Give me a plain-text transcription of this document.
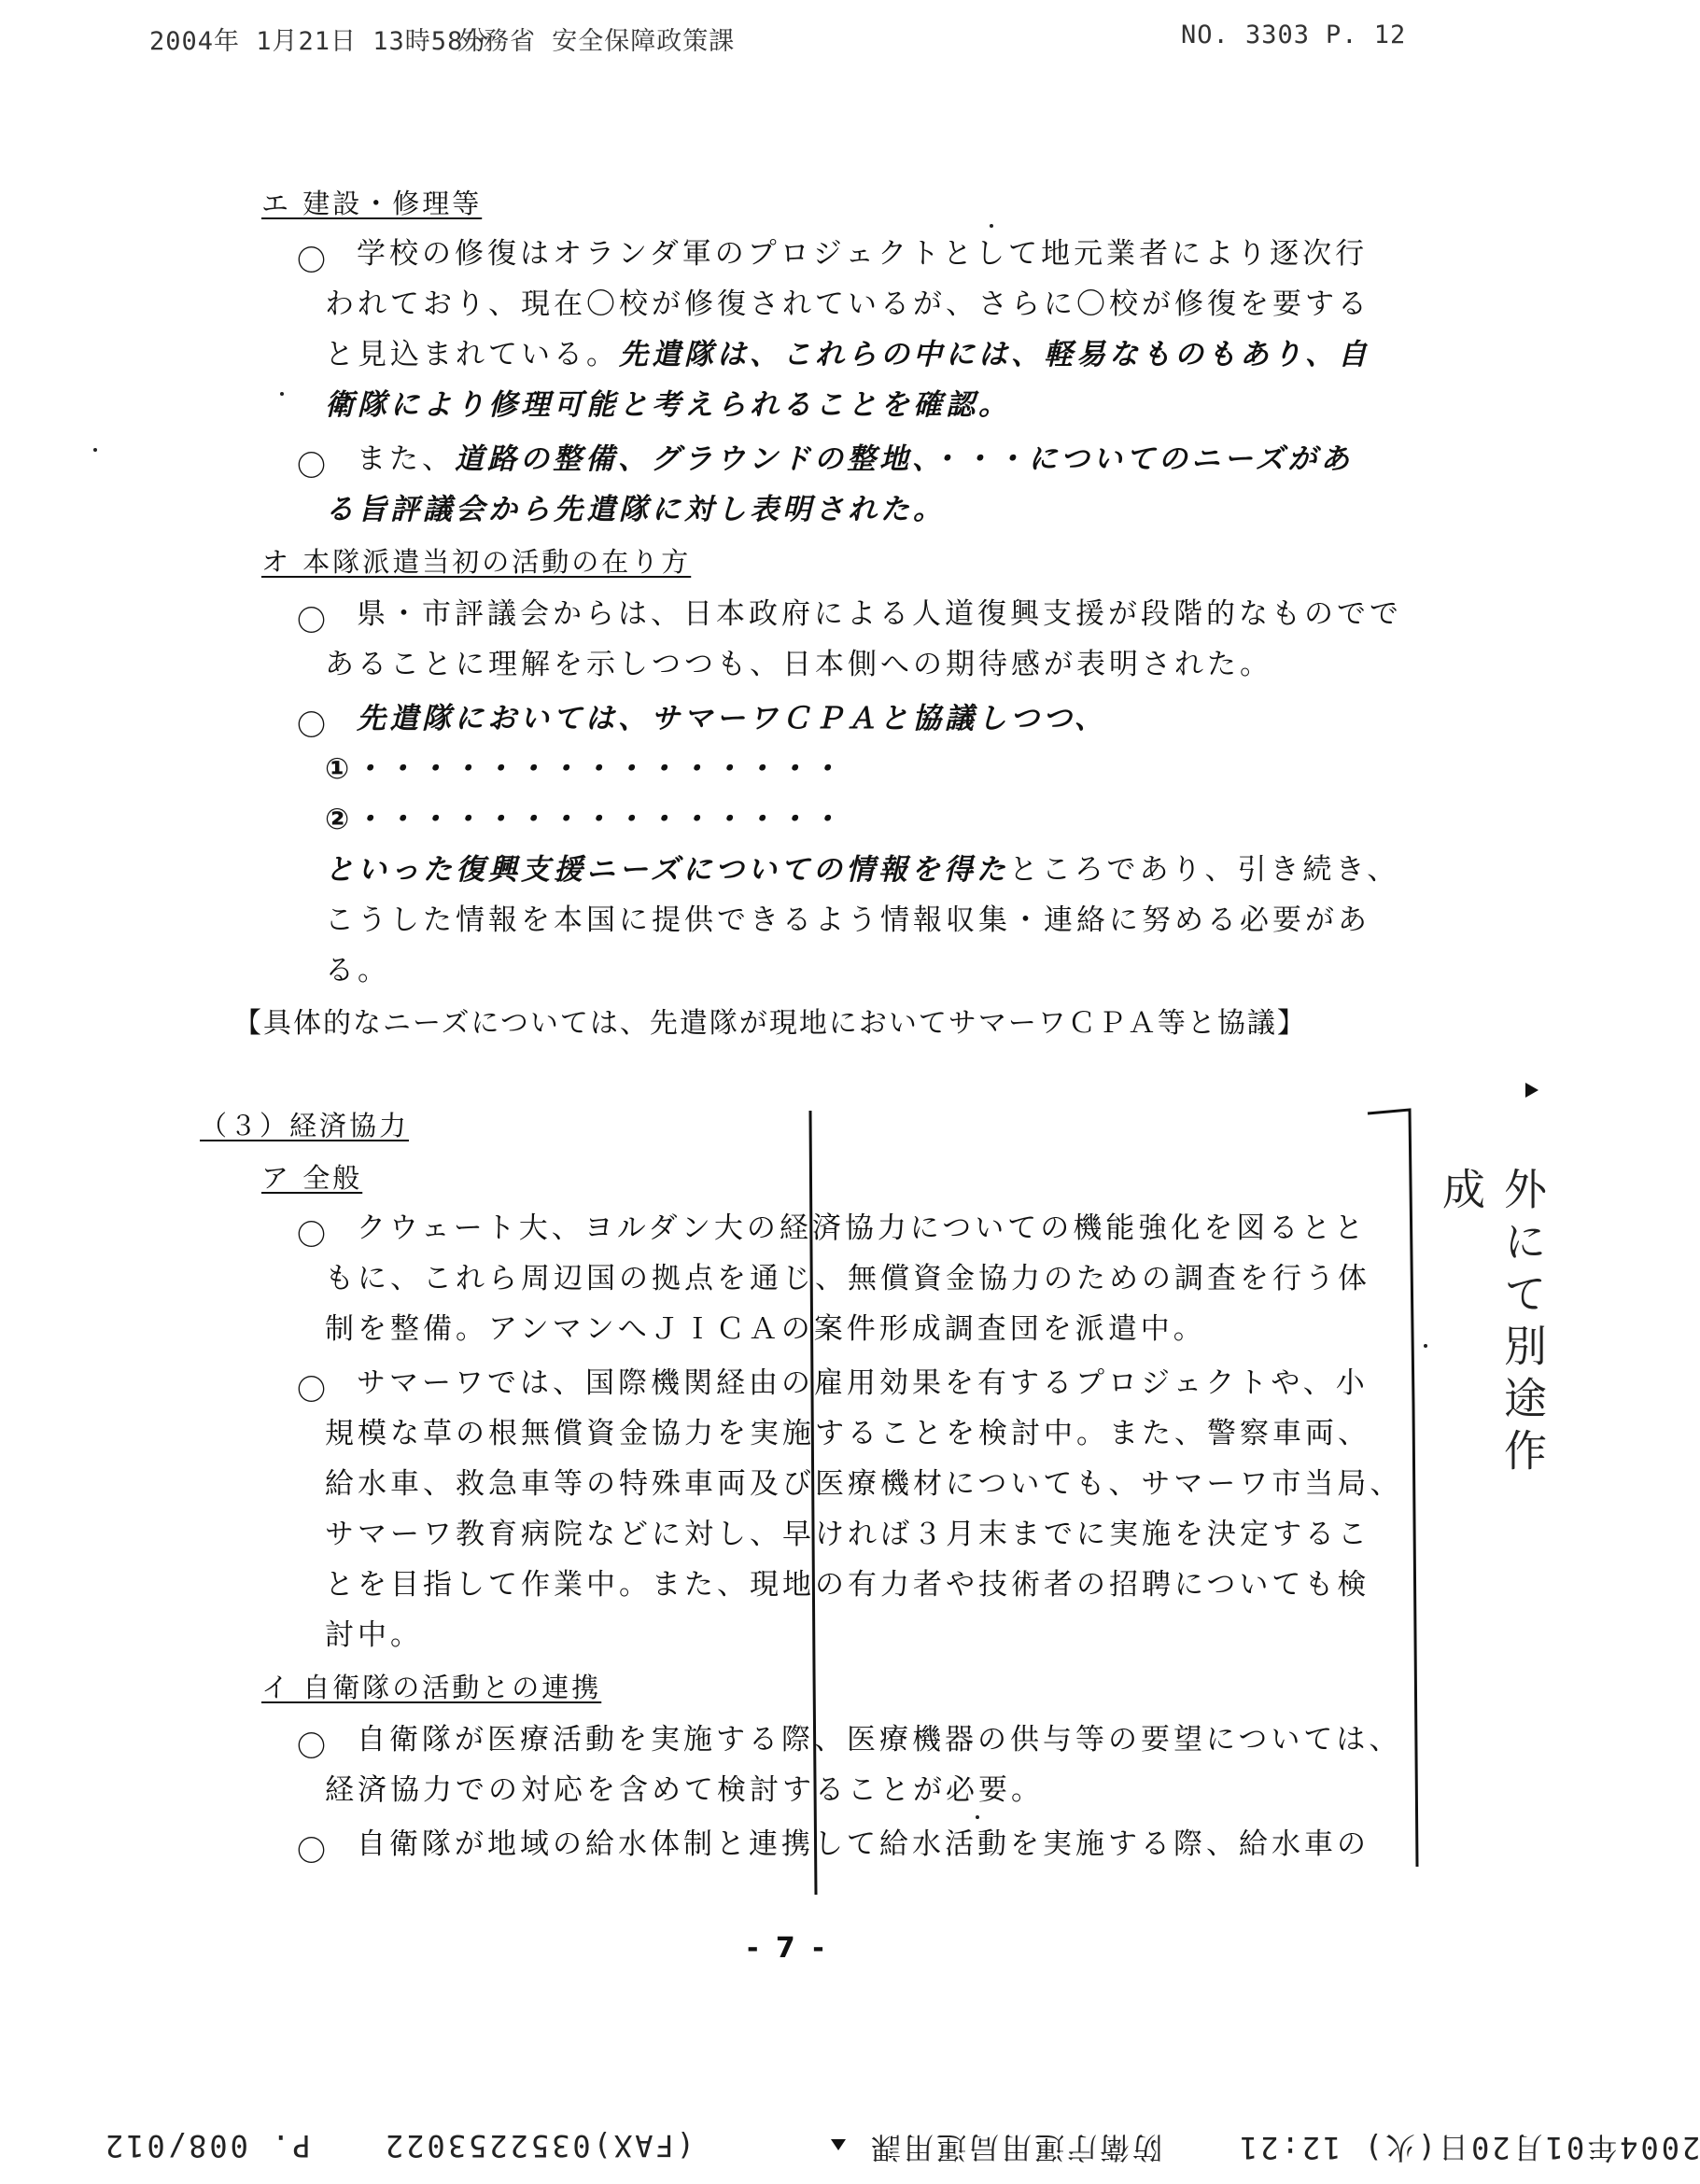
2004年 1月21日 13時58分
外務省 安全保障政策課	NO. 3303 P. 12
エ 建設・修理等
〇 学校の修復はオランダ軍のプロジェクトとして地元業者により逐次行
われており、現在〇校が修復されているが、さらに〇校が修復を要する
と見込まれている。先遣隊は、これらの中には、軽易なものもあり、自
衛隊により修理可能と考えられることを確認。
〇 また、道路の整備、グラウンドの整地、・・・についてのニーズがあ
る旨評議会から先遣隊に対し表明された。
オ 本隊派遣当初の活動の在り方
〇 県・市評議会からは、日本政府による人道復興支援が段階的なものでで
あることに理解を示しつつも、日本側への期待感が表明された。
〇 先遣隊においては、サマーワＣＰＡと協議しつつ、
①・・・・・・・・・・・・・・・
②・・・・・・・・・・・・・・・
といった復興支援ニーズについての情報を得たところであり、引き続き、
こうした情報を本国に提供できるよう情報収集・連絡に努める必要があ
る。
【具体的なニーズについては、先遣隊が現地においてサマーワＣＰＡ等と協議】
（３）経済協力
ア 全般
〇 クウェート大、ヨルダン大の経済協力についての機能強化を図るとと
もに、これら周辺国の拠点を通じ、無償資金協力のための調査を行う体
制を整備。アンマンへＪＩＣＡの案件形成調査団を派遣中。
〇 サマーワでは、国際機関経由の雇用効果を有するプロジェクトや、小
規模な草の根無償資金協力を実施することを検討中。また、警察車両、
給水車、救急車等の特殊車両及び医療機材についても、サマーワ市当局、
サマーワ教育病院などに対し、早ければ３月末までに実施を決定するこ
とを目指して作業中。また、現地の有力者や技術者の招聘についても検
討中。
イ 自衛隊の活動との連携
〇 自衛隊が医療活動を実施する際、医療機器の供与等の要望については、
経済協力での対応を含めて検討することが必要。
〇 自衛隊が地域の給水体制と連携して給水活動を実施する際、給水車の
外にて別途作成
- 7 -
2004年01月20日(火) 12:21
防衛庁運用局運用課
(FAX)0352253022
P. 008/012
